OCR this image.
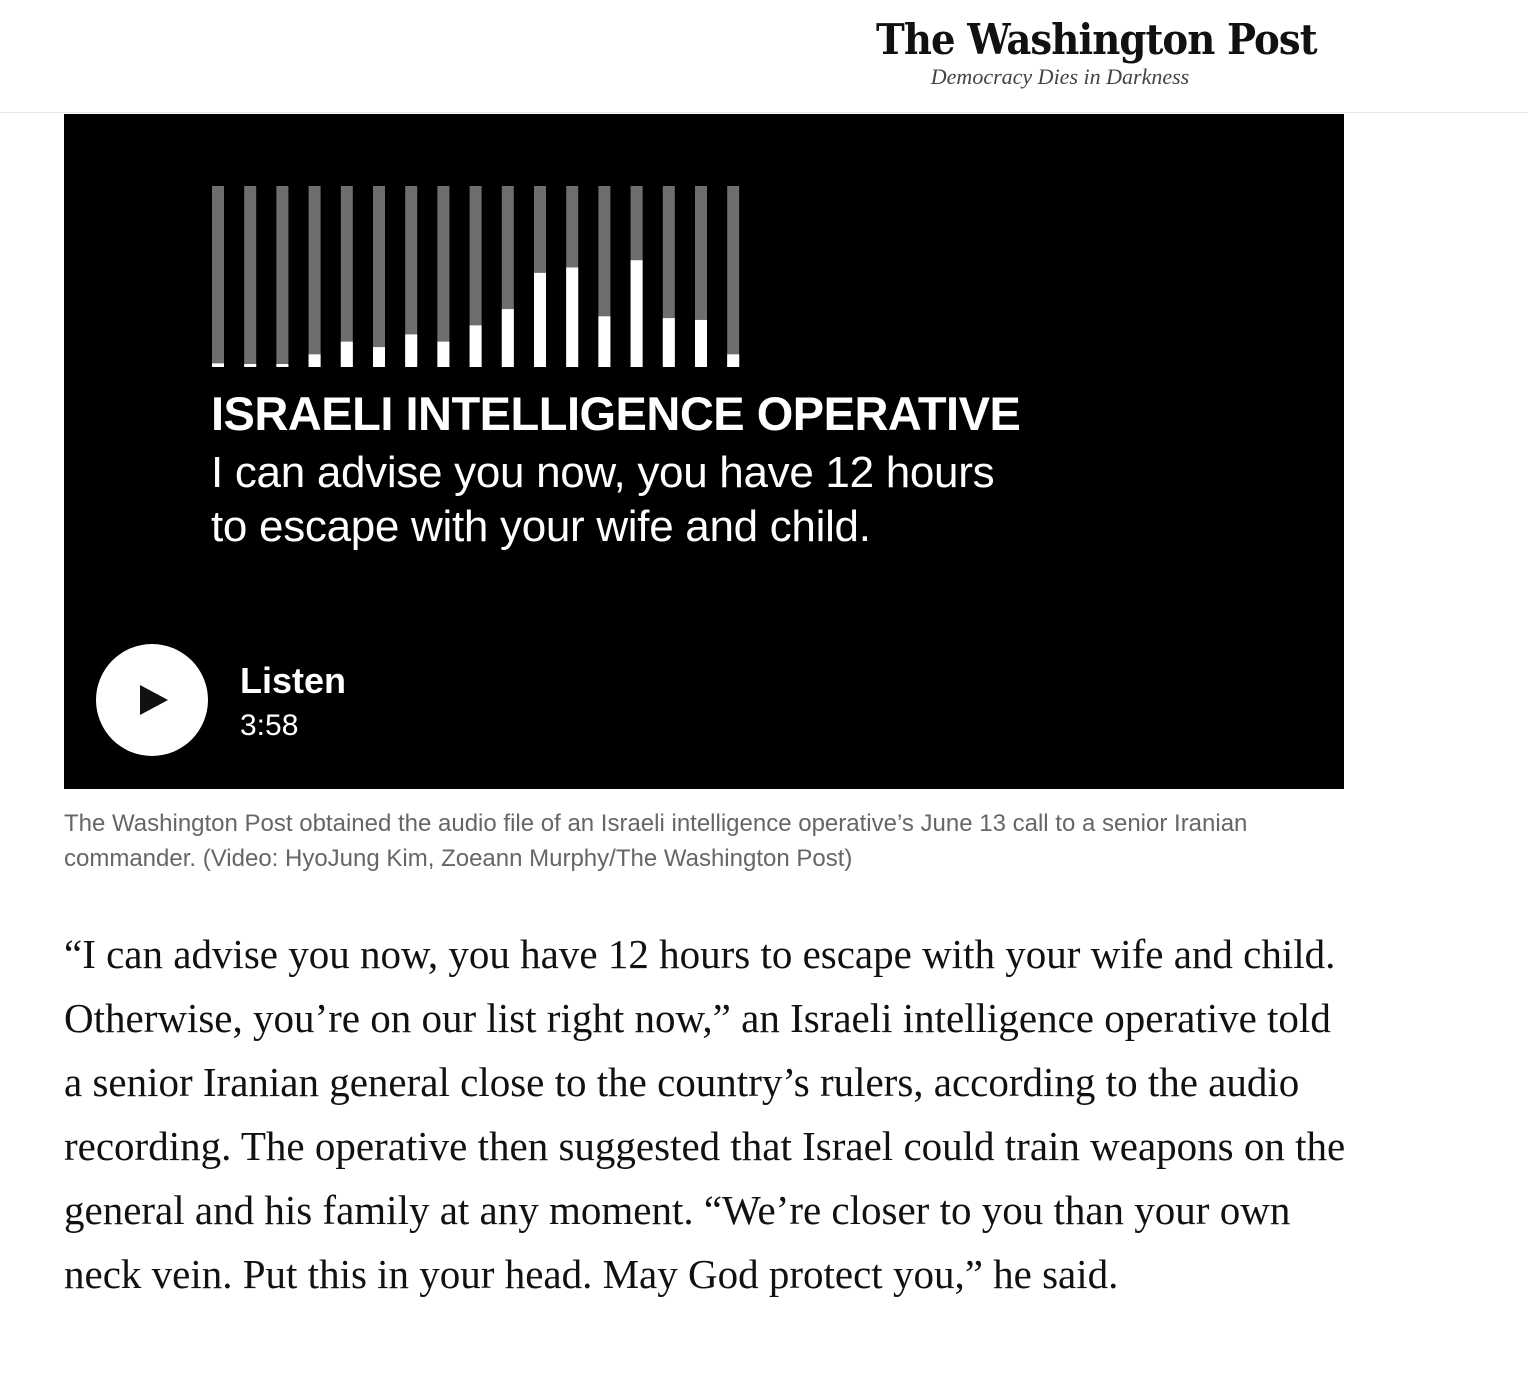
The Washington Post
Democracy Dies in Darkness
ISRAELI INTELLIGENCE OPERATIVE
I can advise you now, you have 12 hours
to escape with your wife and child.
Listen
3:58
The Washington Post obtained the audio file of an Israeli intelligence operative’s June 13 call to a senior Iranian commander. (Video: HyoJung Kim, Zoeann Murphy/The Washington Post)

“I can advise you now, you have 12 hours to escape with your wife and child. Otherwise, you’re on our list right now,” an Israeli intelligence operative told a senior Iranian general close to the country’s rulers, according to the audio recording. The operative then suggested that Israel could train weapons on the general and his family at any moment. “We’re closer to you than your own neck vein. Put this in your head. May God protect you,” he said.
